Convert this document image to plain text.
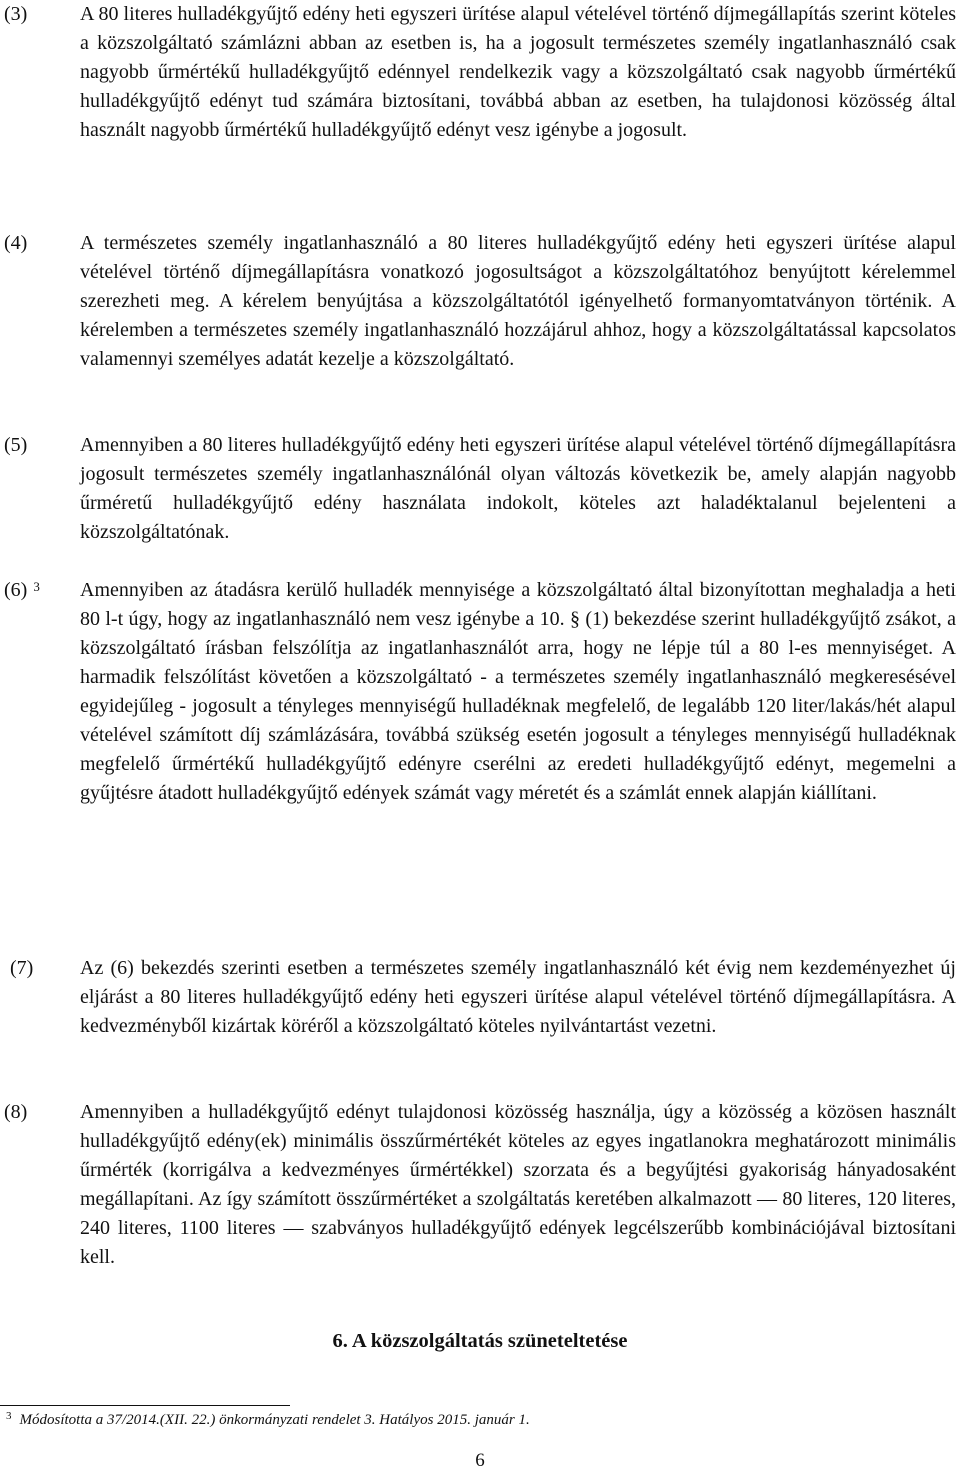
(3)	A 80 literes hulladékgyűjtő edény heti egyszeri ürítése alapul vételével történő díjmegállapítás szerint köteles a közszolgáltató számlázni abban az esetben is, ha a jogosult természetes személy ingatlanhasználó csak nagyobb űrmértékű hulladékgyűjtő edénnyel rendelkezik vagy a közszolgáltató csak nagyobb űrmértékű hulladékgyűjtő edényt tud számára biztosítani, továbbá abban az esetben, ha tulajdonosi közösség által használt nagyobb űrmértékű hulladékgyűjtő edényt vesz igénybe a jogosult.
(4)	A természetes személy ingatlanhasználó a 80 literes hulladékgyűjtő edény heti egyszeri ürítése alapul vételével történő díjmegállapításra vonatkozó jogosultságot a közszolgáltatóhoz benyújtott kérelemmel szerezheti meg. A kérelem benyújtása a közszolgáltatótól igényelhető formanyomtatványon történik. A kérelemben a természetes személy ingatlanhasználó hozzájárul ahhoz, hogy a közszolgáltatással kapcsolatos valamennyi személyes adatát kezelje a közszolgáltató.
(5)	Amennyiben a 80 literes hulladékgyűjtő edény heti egyszeri ürítése alapul vételével történő díjmegállapításra jogosult természetes személy ingatlanhasználónál olyan változás következik be, amely alapján nagyobb űrméretű hulladékgyűjtő edény használata indokolt, köteles azt haladéktalanul bejelenteni a közszolgáltatónak.
(6) $^3$ Amennyiben az átadásra kerülő hulladék mennyisége a közszolgáltató által bizonyítottan meghaladja a heti 80 l-t úgy, hogy az ingatlanhasználó nem vesz igénybe a 10. § (1) bekezdése szerint hulladékgyűjtő zsákot, a közszolgáltató írásban felszólítja az ingatlanhasználót arra, hogy ne lépje túl a 80 l-es mennyiséget. A harmadik felszólítást követően a közszolgáltató - a természetes személy ingatlanhasználó megkeresésével egyidejűleg - jogosult a tényleges mennyiségű hulladéknak megfelelő, de legalább 120 liter/lakás/hét alapul vételével számított díj számlázására, továbbá szükség esetén jogosult a tényleges mennyiségű hulladéknak megfelelő űrmértékű hulladékgyűjtő edényre cserélni az eredeti hulladékgyűjtő edényt, megemelni a gyűjtésre átadott hulladékgyűjtő edények számát vagy méretét és a számlát ennek alapján kiállítani.
(7) Az (6) bekezdés szerinti esetben a természetes személy ingatlanhasználó két évig nem kezdeményezhet új eljárást a 80 literes hulladékgyűjtő edény heti egyszeri ürítése alapul vételével történő díjmegállapításra. A kedvezményből kizártak köréről a közszolgáltató köteles nyilvántartást vezetni.
(8)	Amennyiben a hulladékgyűjtő edényt tulajdonosi közösség használja, úgy a közösség a közösen használt hulladékgyűjtő edény(ek) minimális összűrmértékét köteles az egyes ingatlanokra meghatározott minimális űrmérték (korrigálva a kedvezményes űrmértékkel) szorzata és a begyűjtési gyakoriság hányadosaként megállapítani. Az így számított összűrmértéket a szolgáltatás keretében alkalmazott — 80 literes, 120 literes, 240 literes, 1100 literes — szabványos hulladékgyűjtő edények legcélszerűbb kombinációjával biztosítani kell.
6. A közszolgáltatás szüneteltetése
$^3$ Módosította a 37/2014.(XII. 22.) önkormányzati rendelet 3. Hatályos 2015. január 1.
6
